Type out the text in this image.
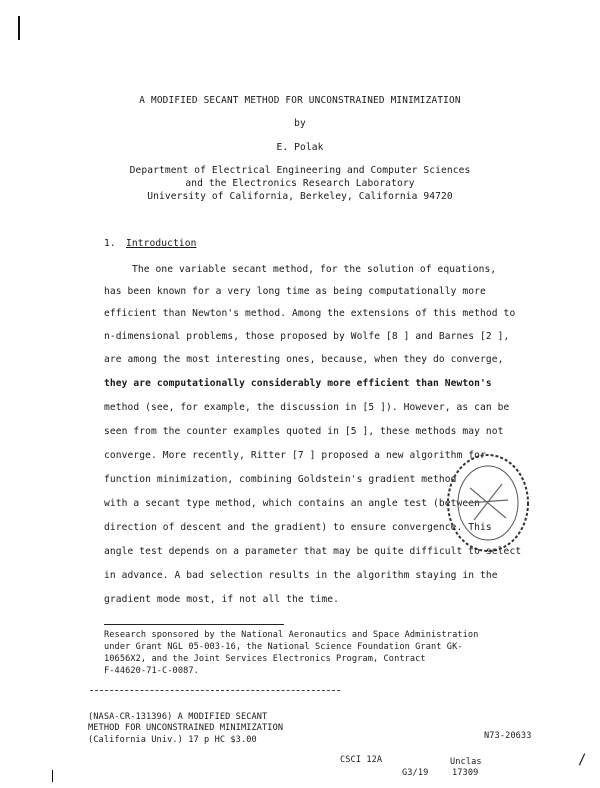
/
A MODIFIED SECANT METHOD FOR UNCONSTRAINED MINIMIZATION
by
E. Polak
Department of Electrical Engineering and Computer Sciences
and the Electronics Research Laboratory
University of California, Berkeley, California 94720
1. Introduction
The one variable secant method, for the solution of equations,
has been known for a very long time as being computationally more
efficient than Newton's method. Among the extensions of this method to
n-dimensional problems, those proposed by Wolfe [8 ] and Barnes [2 ],
are among the most interesting ones, because, when they do converge,
they are computationally considerably more efficient than Newton's
method (see, for example, the discussion in [5 ]). However, as can be
seen from the counter examples quoted in [5 ], these methods may not
converge. More recently, Ritter [7 ] proposed a new algorithm for
function minimization, combining Goldstein's gradient method
with a secant type method, which contains an angle test (between
direction of descent and the gradient) to ensure convergence. This
angle test depends on a parameter that may be quite difficult to select
in advance. A bad selection results in the algorithm staying in the
gradient mode most, if not all the time.
Research sponsored by the National Aeronautics and Space Administration
under Grant NGL 05-003-16, the National Science Foundation Grant GK-
10656X2, and the Joint Services Electronics Program, Contract
F-44620-71-C-0087.
(NASA-CR-131396) A MODIFIED SECANT
METHOD FOR UNCONSTRAINED MINIMIZATION
(California Univ.) 17 p HC $3.00	N73-20633
CSCI 12A	Unclas
G3/19	17309
